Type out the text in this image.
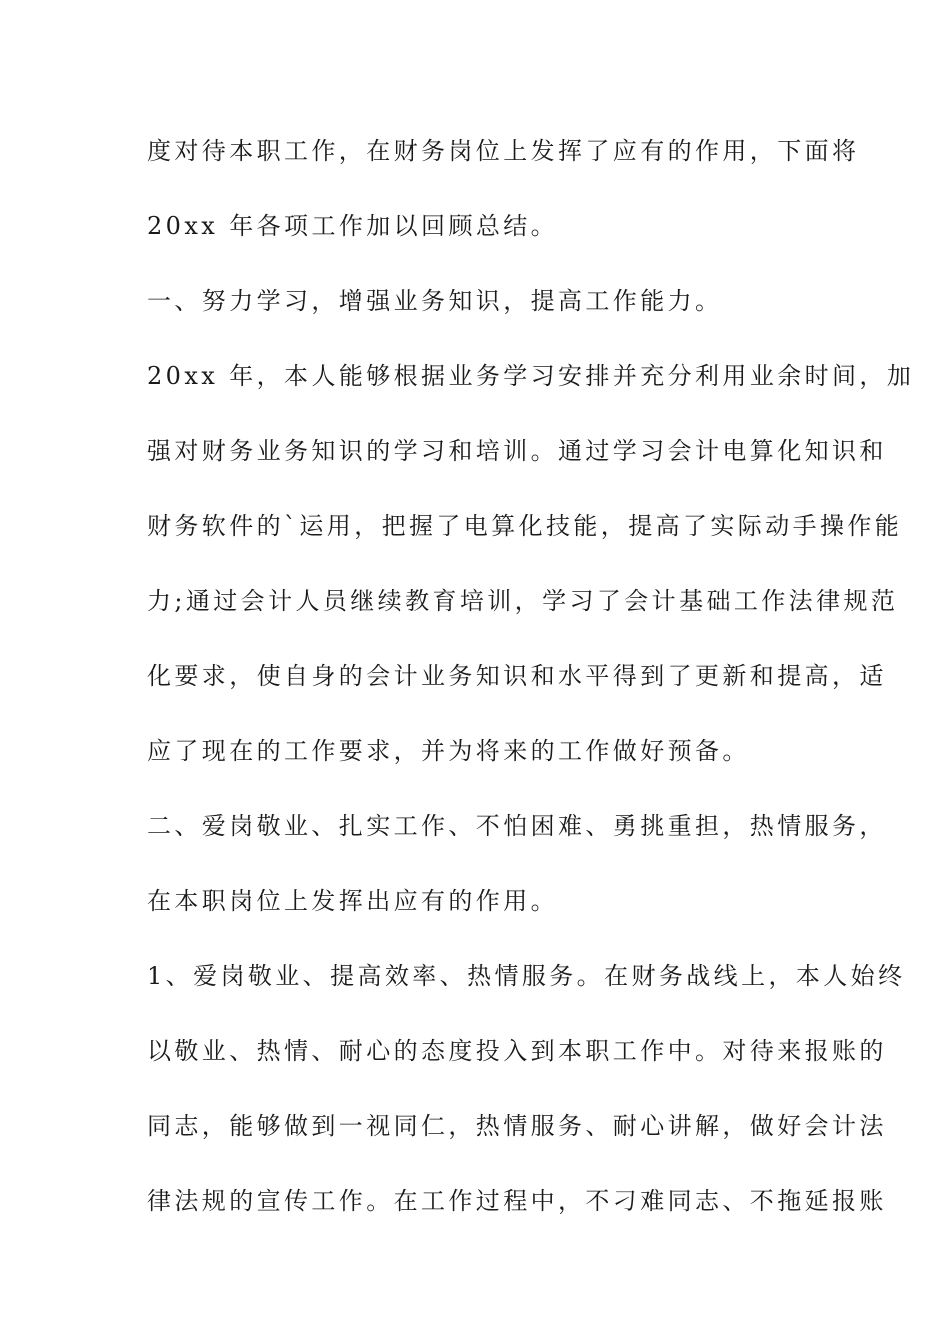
度对待本职工作，在财务岗位上发挥了应有的作用，下面将
20xx 年各项工作加以回顾总结。
一、努力学习，增强业务知识，提高工作能力。
20xx 年，本人能够根据业务学习安排并充分利用业余时间，加
强对财务业务知识的学习和培训。通过学习会计电算化知识和
财务软件的`运用，把握了电算化技能，提高了实际动手操作能
力;通过会计人员继续教育培训，学习了会计基础工作法律规范
化要求，使自身的会计业务知识和水平得到了更新和提高，适
应了现在的工作要求，并为将来的工作做好预备。
二、爱岗敬业、扎实工作、不怕困难、勇挑重担，热情服务，
在本职岗位上发挥出应有的作用。
1、爱岗敬业、提高效率、热情服务。在财务战线上，本人始终
以敬业、热情、耐心的态度投入到本职工作中。对待来报账的
同志，能够做到一视同仁，热情服务、耐心讲解，做好会计法
律法规的宣传工作。在工作过程中，不刁难同志、不拖延报账
